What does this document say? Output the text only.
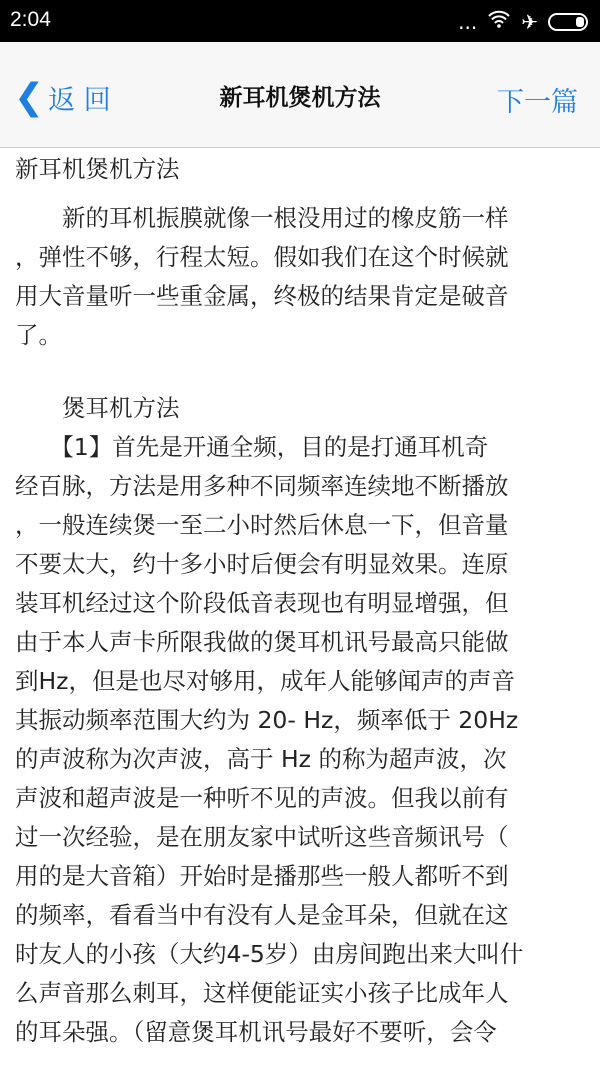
2:04	... ✈
❮ 返 回	新耳机煲机方法	下一篇
新耳机煲机方法
　　新的耳机振膜就像一根没用过的橡皮筋一样
，弹性不够，行程太短。假如我们在这个时候就
用大音量听一些重金属，终极的结果肯定是破音
了。
　　煲耳机方法
　　【1】首先是开通全频，目的是打通耳机奇
经百脉，方法是用多种不同频率连续地不断播放
，一般连续煲一至二小时然后休息一下，但音量
不要太大，约十多小时后便会有明显效果。连原
装耳机经过这个阶段低音表现也有明显增强，但
由于本人声卡所限我做的煲耳机讯号最高只能做
到Hz，但是也尽对够用，成年人能够闻声的声音
其振动频率范围大约为 20- Hz，频率低于 20Hz
的声波称为次声波，高于 Hz 的称为超声波，次
声波和超声波是一种听不见的声波。但我以前有
过一次经验，是在朋友家中试听这些音频讯号（
用的是大音箱）开始时是播那些一般人都听不到
的频率，看看当中有没有人是金耳朵，但就在这
时友人的小孩（大约4-5岁）由房间跑出来大叫什
么声音那么刺耳，这样便能证实小孩子比成年人
的耳朵强。（留意煲耳机讯号最好不要听，会令
